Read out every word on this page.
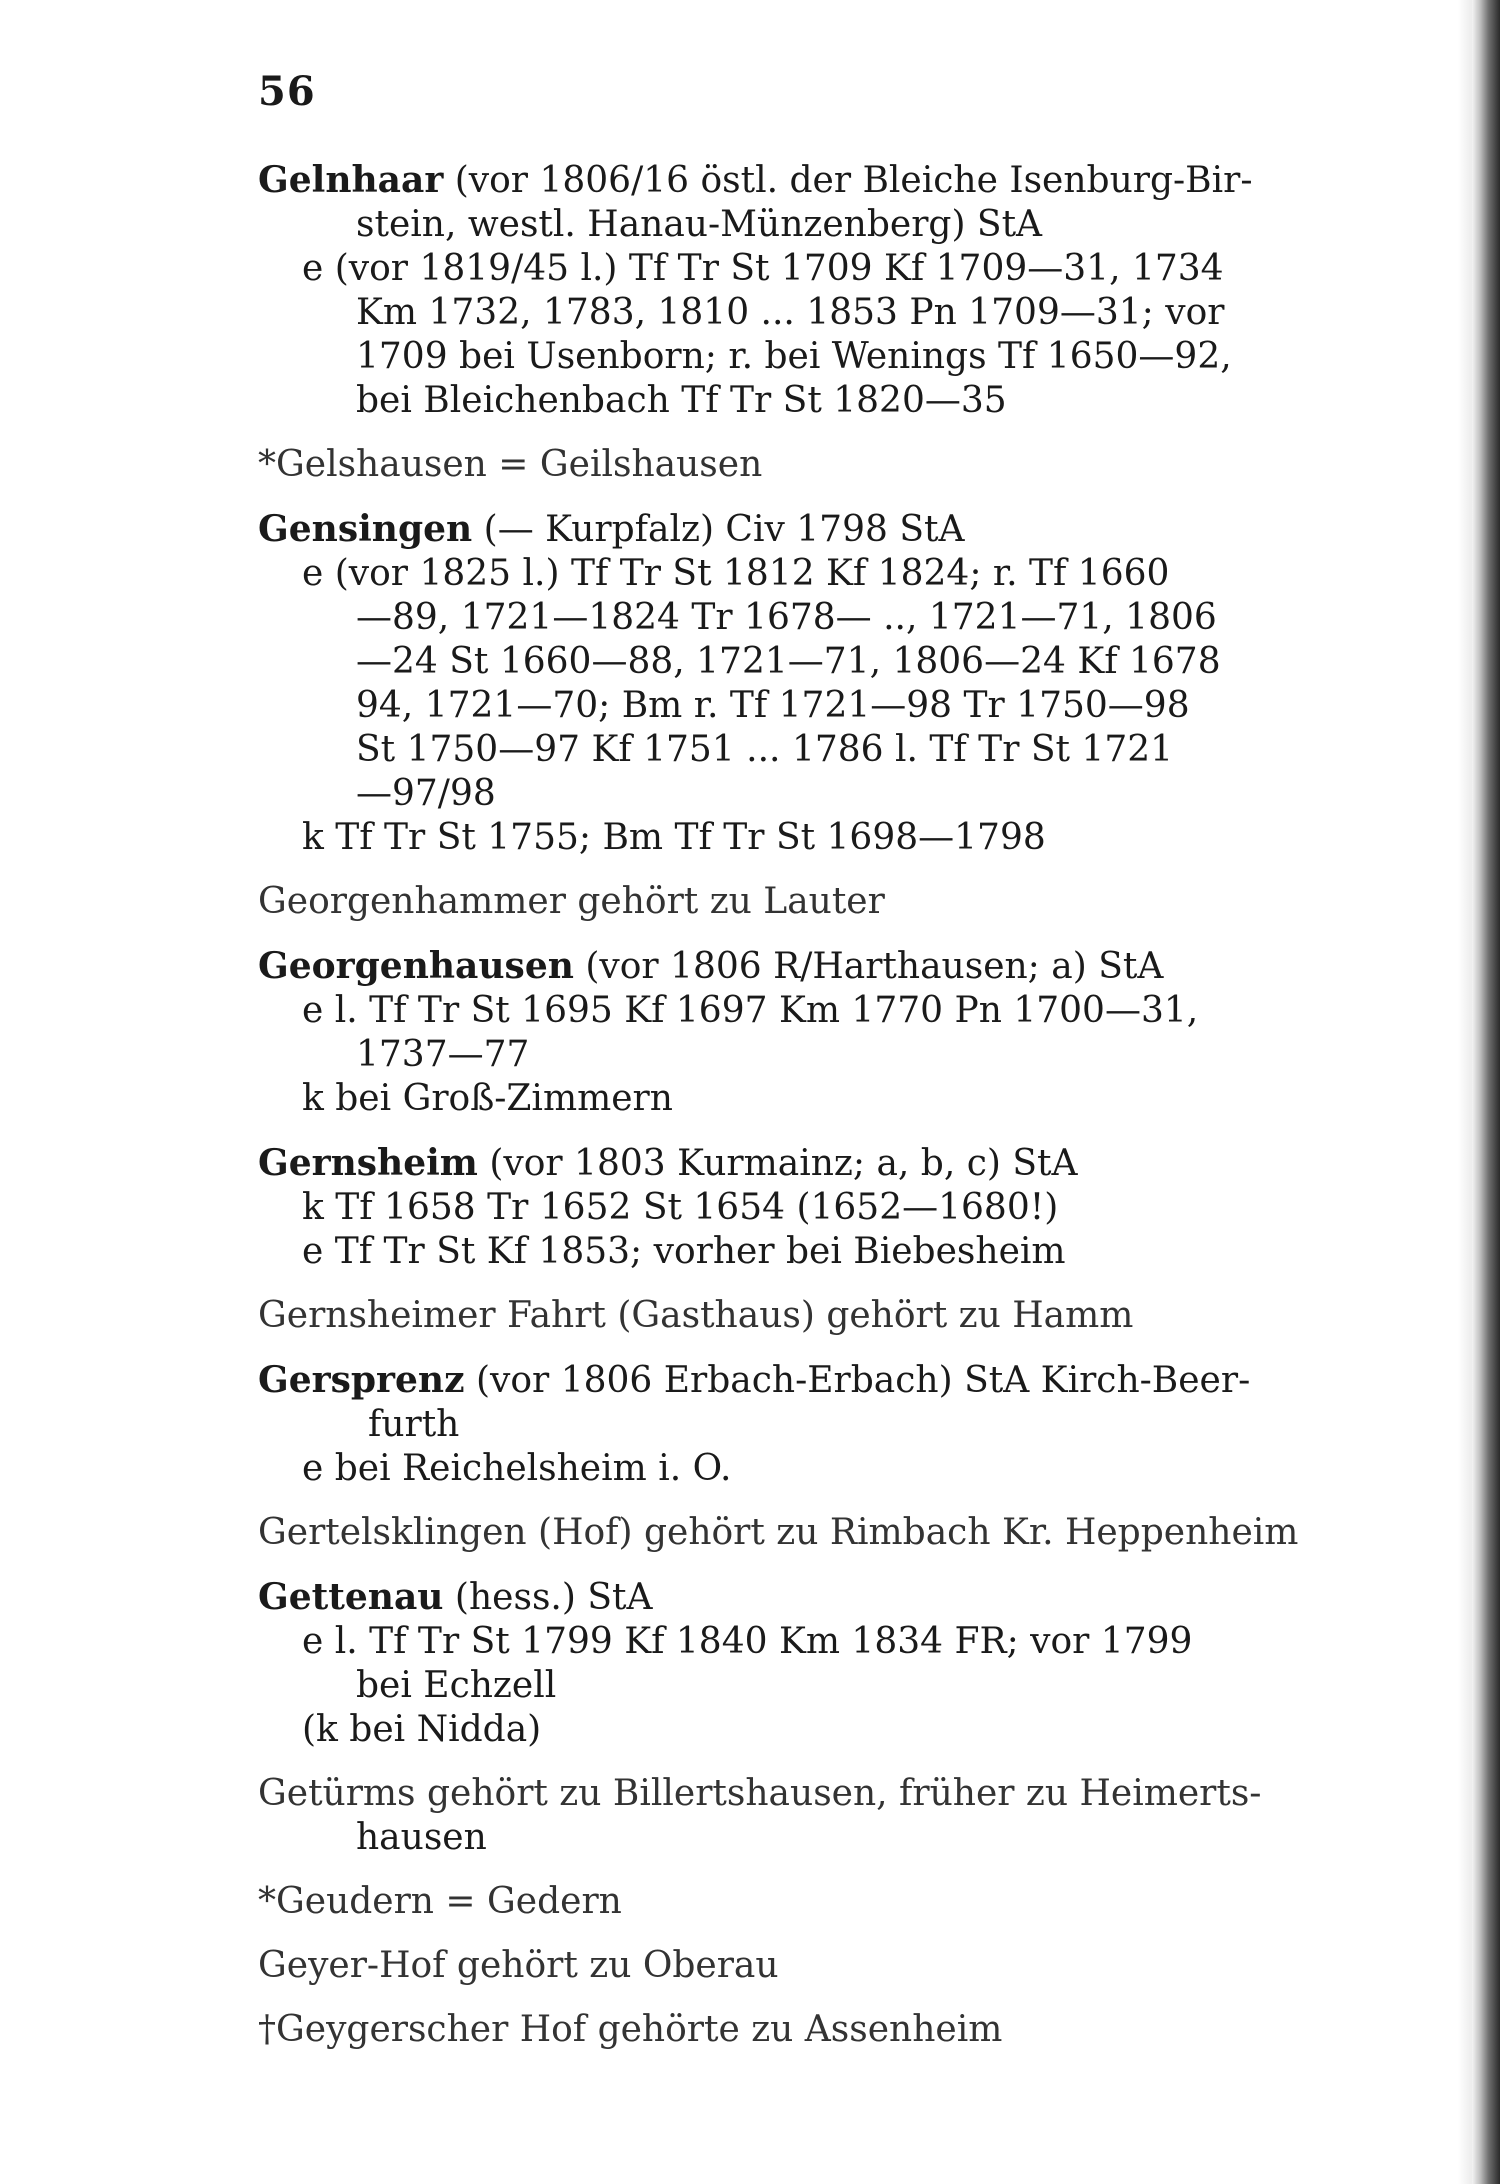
56
Gelnhaar (vor 1806/16 östl. der Bleiche Isenburg-Bir-
stein, westl. Hanau-Münzenberg) StA
e (vor 1819/45 l.) Tf Tr St 1709 Kf 1709—31, 1734
Km 1732, 1783, 1810 ... 1853 Pn 1709—31; vor
1709 bei Usenborn; r. bei Wenings Tf 1650—92,
bei Bleichenbach Tf Tr St 1820—35
*Gelshausen = Geilshausen
Gensingen (— Kurpfalz) Civ 1798 StA
e (vor 1825 l.) Tf Tr St 1812 Kf 1824; r. Tf 1660
—89, 1721—1824 Tr 1678— .., 1721—71, 1806
—24 St 1660—88, 1721—71, 1806—24 Kf 1678
94, 1721—70; Bm r. Tf 1721—98 Tr 1750—98
St 1750—97 Kf 1751 ... 1786 l. Tf Tr St 1721
—97/98
k Tf Tr St 1755; Bm Tf Tr St 1698—1798
Georgenhammer gehört zu Lauter
Georgenhausen (vor 1806 R/Harthausen; a) StA
e l. Tf Tr St 1695 Kf 1697 Km 1770 Pn 1700—31,
1737—77
k bei Groß-Zimmern
Gernsheim (vor 1803 Kurmainz; a, b, c) StA
k Tf 1658 Tr 1652 St 1654 (1652—1680!)
e Tf Tr St Kf 1853; vorher bei Biebesheim
Gernsheimer Fahrt (Gasthaus) gehört zu Hamm
Gersprenz (vor 1806 Erbach-Erbach) StA Kirch-Beer-
furth
e bei Reichelsheim i. O.
Gertelsklingen (Hof) gehört zu Rimbach Kr. Heppenheim
Gettenau (hess.) StA
e l. Tf Tr St 1799 Kf 1840 Km 1834 FR; vor 1799
bei Echzell
(k bei Nidda)
Getürms gehört zu Billertshausen, früher zu Heimerts-
hausen
*Geudern = Gedern
Geyer-Hof gehört zu Oberau
†Geygerscher Hof gehörte zu Assenheim
